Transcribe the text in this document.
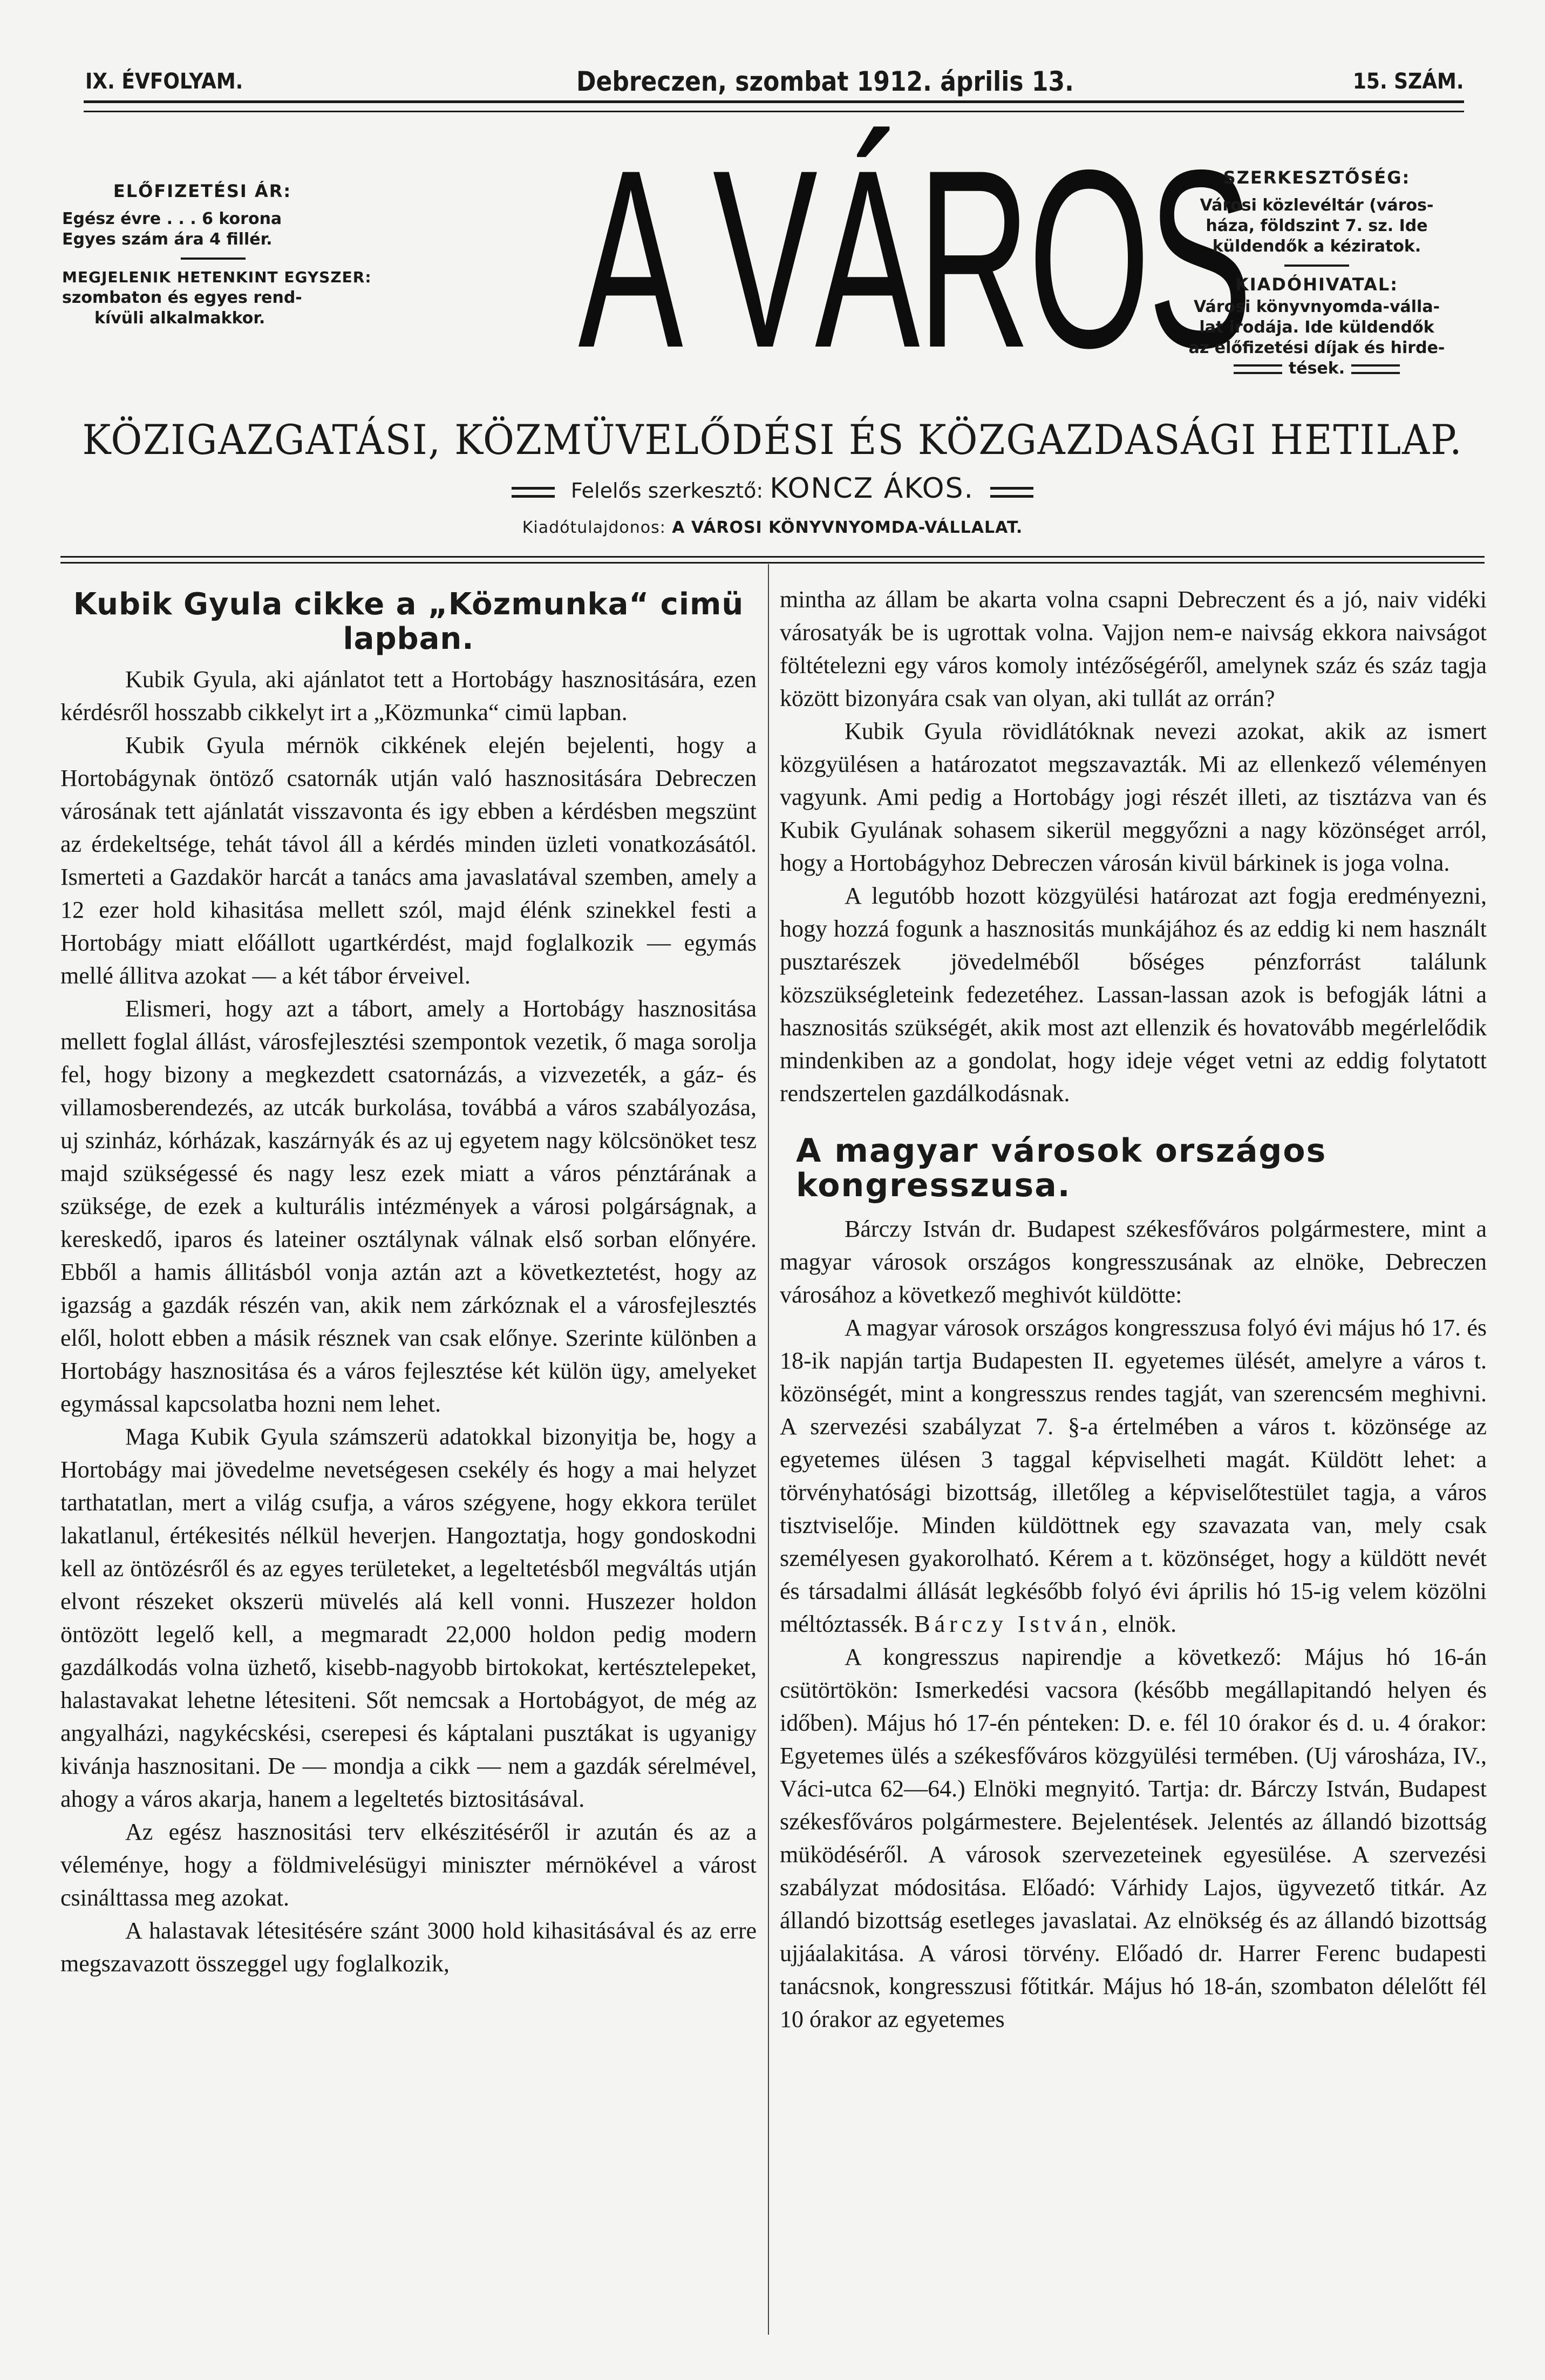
IX. ÉVFOLYAM.	Debreczen, szombat 1912. április 13.	15. SZÁM.
ELŐFIZETÉSI ÁR:
Egész évre . . . 6 korona
Egyes szám ára 4 fillér.
MEGJELENIK HETENKINT EGYSZER:
szombaton és egyes rend-
kívüli alkalmakkor.	A VÁROS
SZERKESZTŐSÉG:
Városi közlevéltár (város-
háza, földszint 7. sz. Ide
küldendők a kéziratok.
KIADÓHIVATAL:
Városi könyvnyomda-válla-
lat irodája. Ide küldendők
az előfizetési díjak és hirde-
tések.
KÖZIGAZGATÁSI, KÖZMÜVELŐDÉSI ÉS KÖZGAZDASÁGI HETILAP.
Felelős szerkesztő: KONCZ ÁKOS.
Kiadótulajdonos: A VÁROSI KÖNYVNYOMDA-VÁLLALAT.
Kubik Gyula cikke a „Közmunka“ cimü lapban.

Kubik Gyula, aki ajánlatot tett a Hortobágy hasznositására, ezen kérdésről hosszabb cikkelyt irt a „Közmunka“ cimü lapban.

Kubik Gyula mérnök cikkének elején bejelenti, hogy a Hortobágynak öntöző csatornák utján való hasznositására Debreczen városának tett ajánlatát visszavonta és igy ebben a kérdésben megszünt az érdekeltsége, tehát távol áll a kérdés minden üzleti vonatkozásától. Ismerteti a Gazdakör harcát a tanács ama javaslatával szemben, amely a 12 ezer hold kihasitása mellett szól, majd élénk szinekkel festi a Hortobágy miatt előállott ugartkérdést, majd foglalkozik — egymás mellé állitva azokat — a két tábor érveivel.

Elismeri, hogy azt a tábort, amely a Hortobágy hasznositása mellett foglal állást, városfejlesztési szempontok vezetik, ő maga sorolja fel, hogy bizony a megkezdett csatornázás, a vizvezeték, a gáz- és villamosberendezés, az utcák burkolása, továbbá a város szabályozása, uj szinház, kórházak, kaszárnyák és az uj egyetem nagy kölcsönöket tesz majd szükségessé és nagy lesz ezek miatt a város pénztárának a szüksége, de ezek a kulturális intézmények a városi polgárságnak, a kereskedő, iparos és lateiner osztálynak válnak első sorban előnyére. Ebből a hamis állitásból vonja aztán azt a következtetést, hogy az igazság a gazdák részén van, akik nem zárkóznak el a városfejlesztés elől, holott ebben a másik résznek van csak előnye. Szerinte különben a Hortobágy hasznositása és a város fejlesztése két külön ügy, amelyeket egymással kapcsolatba hozni nem lehet.

Maga Kubik Gyula számszerü adatokkal bizonyitja be, hogy a Hortobágy mai jövedelme nevetségesen csekély és hogy a mai helyzet tarthatatlan, mert a világ csufja, a város szégyene, hogy ekkora terület lakatlanul, értékesités nélkül heverjen. Hangoztatja, hogy gondoskodni kell az öntözésről és az egyes területeket, a legeltetésből megváltás utján elvont részeket okszerü müvelés alá kell vonni. Huszezer holdon öntözött legelő kell, a megmaradt 22,000 holdon pedig modern gazdálkodás volna üzhető, kisebb-nagyobb birtokokat, kertésztelepeket, halastavakat lehetne létesiteni. Sőt nemcsak a Hortobágyot, de még az angyalházi, nagykécskési, cserepesi és káptalani pusztákat is ugyanigy kivánja hasznositani. De — mondja a cikk — nem a gazdák sérelmével, ahogy a város akarja, hanem a legeltetés biztositásával.

Az egész hasznositási terv elkészitéséről ir azután és az a véleménye, hogy a földmivelésügyi miniszter mérnökével a várost csinálttassa meg azokat.

A halastavak létesitésére szánt 3000 hold kihasitásával és az erre megszavazott összeggel ugy foglalkozik,

mintha az állam be akarta volna csapni Debreczent és a jó, naiv vidéki városatyák be is ugrottak volna. Vajjon nem-e naivság ekkora naivságot föltételezni egy város komoly intézőségéről, amelynek száz és száz tagja között bizonyára csak van olyan, aki tullát az orrán?

Kubik Gyula rövidlátóknak nevezi azokat, akik az ismert közgyülésen a határozatot megszavazták. Mi az ellenkező véleményen vagyunk. Ami pedig a Hortobágy jogi részét illeti, az tisztázva van és Kubik Gyulának sohasem sikerül meggyőzni a nagy közönséget arról, hogy a Hortobágyhoz Debreczen városán kivül bárkinek is joga volna.

A legutóbb hozott közgyülési határozat azt fogja eredményezni, hogy hozzá fogunk a hasznositás munkájához és az eddig ki nem használt pusztarészek jövedelméből bőséges pénzforrást találunk közszükségleteink fedezetéhez. Lassan-lassan azok is befogják látni a hasznositás szükségét, akik most azt ellenzik és hovatovább megérlelődik mindenkiben az a gondolat, hogy ideje véget vetni az eddig folytatott rendszertelen gazdálkodásnak.

A magyar városok országos kongresszusa.

Bárczy István dr. Budapest székesfőváros polgármestere, mint a magyar városok országos kongresszusának az elnöke, Debreczen városához a következő meghivót küldötte:

A magyar városok országos kongresszusa folyó évi május hó 17. és 18-ik napján tartja Budapesten II. egyetemes ülését, amelyre a város t. közönségét, mint a kongresszus rendes tagját, van szerencsém meghivni. A szervezési szabályzat 7. §-a értelmében a város t. közönsége az egyetemes ülésen 3 taggal képviselheti magát. Küldött lehet: a törvényhatósági bizottság, illetőleg a képviselőtestület tagja, a város tisztviselője. Minden küldöttnek egy szavazata van, mely csak személyesen gyakorolható. Kérem a t. közönséget, hogy a küldött nevét és társadalmi állását legkésőbb folyó évi április hó 15-ig velem közölni méltóztassék. Bárczy István, elnök.

A kongresszus napirendje a következő: Május hó 16-án csütörtökön: Ismerkedési vacsora (később megállapitandó helyen és időben). Május hó 17-én pénteken: D. e. fél 10 órakor és d. u. 4 órakor: Egyetemes ülés a székesfőváros közgyülési termében. (Uj városháza, IV., Váci-utca 62—64.) Elnöki megnyitó. Tartja: dr. Bárczy István, Budapest székesfőváros polgármestere. Bejelentések. Jelentés az állandó bizottság müködéséről. A városok szervezeteinek egyesülése. A szervezési szabályzat módositása. Előadó: Várhidy Lajos, ügyvezető titkár. Az állandó bizottság esetleges javaslatai. Az elnökség és az állandó bizottság ujjáalakitása. A városi törvény. Előadó dr. Harrer Ferenc budapesti tanácsnok, kongresszusi főtitkár. Május hó 18-án, szombaton délelőtt fél 10 órakor az egyetemes
